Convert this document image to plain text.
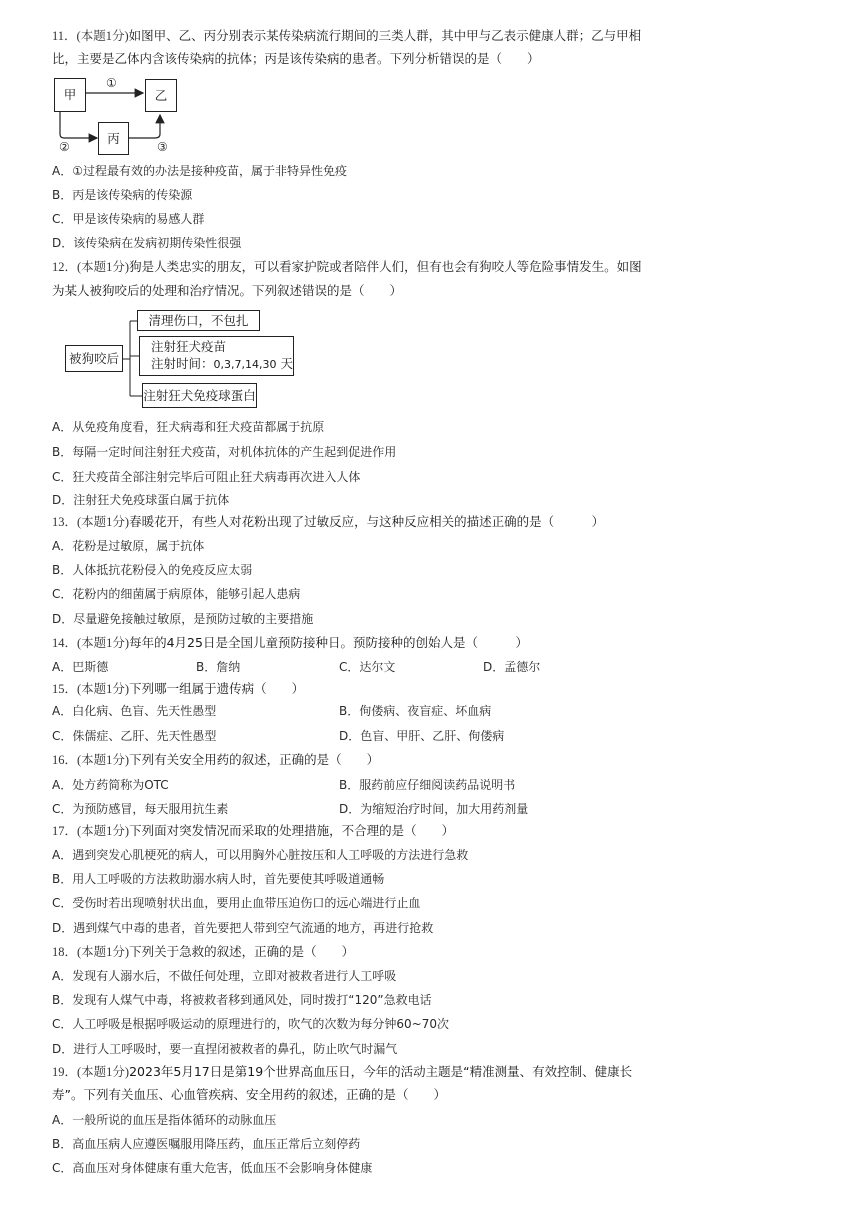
11．(本题1分)如图甲、乙、丙分别表示某传染病流行期间的三类人群，其中甲与乙表示健康人群；乙与甲相
比，主要是乙体内含该传染病的抗体；丙是该传染病的患者。下列分析错误的是（　　）
甲	乙
丙
①
②	③
A．①过程最有效的办法是接种疫苗，属于非特异性免疫
B．丙是该传染病的传染源
C．甲是该传染病的易感人群
D．该传染病在发病初期传染性很强
12．(本题1分)狗是人类忠实的朋友，可以看家护院或者陪伴人们，但有也会有狗咬人等危险事情发生。如图
为某人被狗咬后的处理和治疗情况。下列叙述错误的是（　　）
被狗咬后
清理伤口，不包扎
注射狂犬疫苗
注射时间：0,3,7,14,30 天
注射狂犬免疫球蛋白
A．从免疫角度看，狂犬病毒和狂犬疫苗都属于抗原
B．每隔一定时间注射狂犬疫苗，对机体抗体的产生起到促进作用
C．狂犬疫苗全部注射完毕后可阻止狂犬病毒再次进入人体
D．注射狂犬免疫球蛋白属于抗体
13．(本题1分)春暖花开，有些人对花粉出现了过敏反应，与这种反应相关的描述正确的是（　　　）
A．花粉是过敏原，属于抗体
B．人体抵抗花粉侵入的免疫反应太弱
C．花粉内的细菌属于病原体，能够引起人患病
D．尽量避免接触过敏原，是预防过敏的主要措施
14．(本题1分)每年的4月25日是全国儿童预防接种日。预防接种的创始人是（　　　）
A．巴斯德	B．詹纳	C．达尔文	D．孟德尔
15．(本题1分)下列哪一组属于遗传病（　　）
A．白化病、色盲、先天性愚型	B．佝偻病、夜盲症、坏血病
C．侏儒症、乙肝、先天性愚型	D．色盲、甲肝、乙肝、佝偻病
16．(本题1分)下列有关安全用药的叙述，正确的是（　　）
A．处方药简称为OTC	B．服药前应仔细阅读药品说明书
C．为预防感冒，每天服用抗生素	D．为缩短治疗时间，加大用药剂量
17．(本题1分)下列面对突发情况而采取的处理措施，不合理的是（　　）
A．遇到突发心肌梗死的病人，可以用胸外心脏按压和人工呼吸的方法进行急救
B．用人工呼吸的方法救助溺水病人时，首先要使其呼吸道通畅
C．受伤时若出现喷射状出血，要用止血带压迫伤口的远心端进行止血
D．遇到煤气中毒的患者，首先要把人带到空气流通的地方，再进行抢救
18．(本题1分)下列关于急救的叙述，正确的是（　　）
A．发现有人溺水后，不做任何处理，立即对被救者进行人工呼吸
B．发现有人煤气中毒，将被救者移到通风处，同时拨打“120”急救电话
C．人工呼吸是根据呼吸运动的原理进行的，吹气的次数为每分钟60~70次
D．进行人工呼吸时，要一直捏闭被救者的鼻孔，防止吹气时漏气
19．(本题1分)2023年5月17日是第19个世界高血压日，今年的活动主题是“精准测量、有效控制、健康长
寿”。下列有关血压、心血管疾病、安全用药的叙述，正确的是（　　）
A．一般所说的血压是指体循环的动脉血压
B．高血压病人应遵医嘱服用降压药，血压正常后立刻停药
C．高血压对身体健康有重大危害，低血压不会影响身体健康
